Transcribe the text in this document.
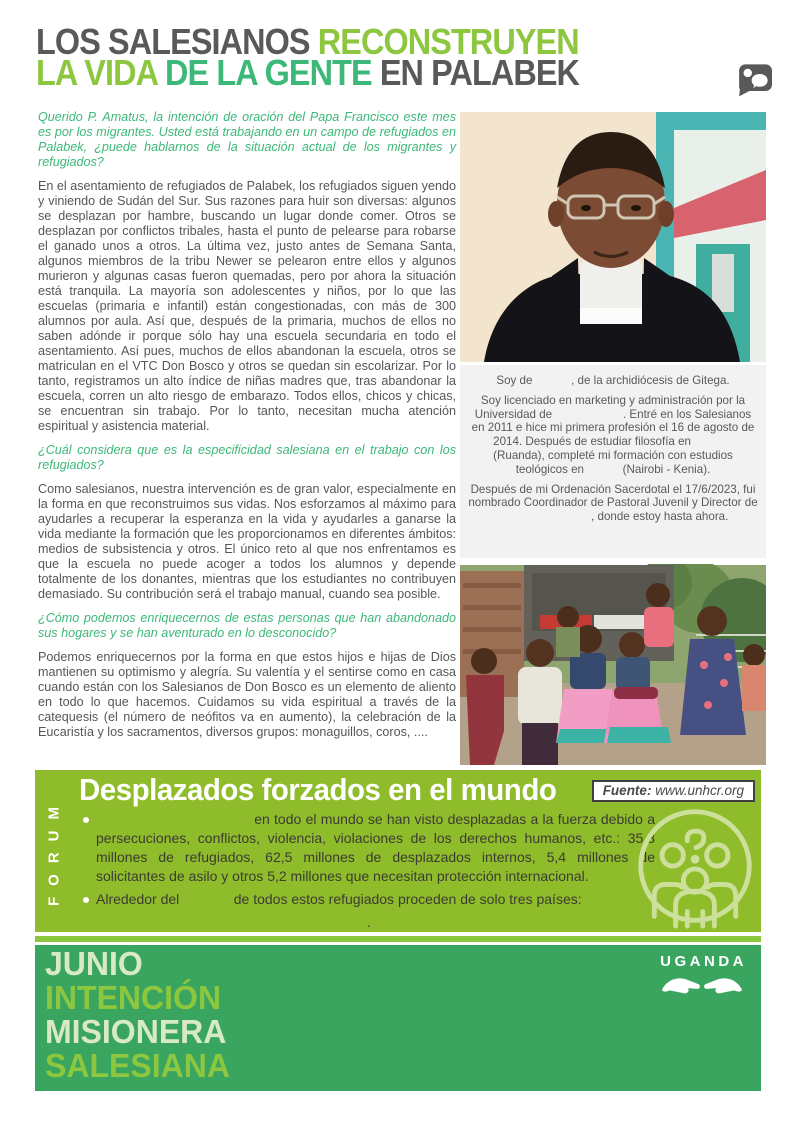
LOS SALESIANOS RECONSTRUYEN
LA VIDA DE LA GENTE EN PALABEK

Querido P. Amatus, la intención de oración del Papa Francisco este mes es por los migrantes. Usted está trabajando en un campo de refugiados en Palabek, ¿puede hablarnos de la situación actual de los migrantes y refugiados?

En el asentamiento de refugiados de Palabek, los refugiados siguen yendo y viniendo de Sudán del Sur. Sus razones para huir son diversas: algunos se desplazan por hambre, buscando un lugar donde comer. Otros se desplazan por conflictos tribales, hasta el punto de pelearse para robarse el ganado unos a otros. La última vez, justo antes de Semana Santa, algunos miembros de la tribu Newer se pelearon entre ellos y algunos murieron y algunas casas fueron quemadas, pero por ahora la situación está tranquila. La mayoría son adolescentes y niños, por lo que las escuelas (primaria e infantil) están congestionadas, con más de 300 alumnos por aula. Así que, después de la primaria, muchos de ellos no saben adónde ir porque sólo hay una escuela secundaria en todo el asentamiento. Así pues, muchos de ellos abandonan la escuela, otros se matriculan en el VTC Don Bosco y otros se quedan sin escolarizar. Por lo tanto, registramos un alto índice de niñas madres que, tras abandonar la escuela, corren un alto riesgo de embarazo. Todos ellos, chicos y chicas, se encuentran sin trabajo. Por lo tanto, necesitan mucha atención espiritual y asistencia material.

¿Cuál considera que es la especificidad salesiana en el trabajo con los refugiados?

Como salesianos, nuestra intervención es de gran valor, especialmente en la forma en que reconstruimos sus vidas. Nos esforzamos al máximo para ayudarles a recuperar la esperanza en la vida y ayudarles a ganarse la vida mediante la formación que les proporcionamos en diferentes ámbitos: medios de subsistencia y otros. El único reto al que nos enfrentamos es que la escuela no puede acoger a todos los alumnos y depende totalmente de los donantes, mientras que los estudiantes no contribuyen demasiado. Su contribución será el trabajo manual, cuando sea posible.

¿Cómo podemos enriquecernos de estas personas que han abandonado sus hogares y se han aventurado en lo desconocido?

Podemos enriquecernos por la forma en que estos hijos e hijas de Dios mantienen su optimismo y alegría. Su valentía y el sentirse como en casa cuando están con los Salesianos de Don Bosco es un elemento de aliento en todo lo que hacemos. Cuidamos su vida espiritual a través de la catequesis (el número de neófitos va en aumento), la celebración de la Eucaristía y los sacramentos, diversos grupos: monaguillos, coros, ....

Soy de            , de la archidiócesis de Gitega.

Soy licenciado en marketing y administración por la Universidad de                      . Entré en los Salesianos en 2011 e hice mi primera profesión el 16 de agosto de 2014. Después de estudiar filosofía en              (Ruanda), completé mi formación con estudios teológicos en            (Nairobi - Kenia).

Después de mi Ordenación Sacerdotal el 17/6/2023, fui nombrado Coordinador de Pastoral Juvenil y Director de                              , donde estoy hasta ahora.

FORUM
Desplazados forzados en el mundo	Fuente: www.unhcr.org
en todo el mundo se han visto desplazadas a la fuerza debido a persecuciones, conflictos, violencia, violaciones de los derechos humanos, etc.: 35,3 millones de refugiados, 62,5 millones de desplazados internos, 5,4 millones de solicitantes de asilo y otros 5,2 millones que necesitan protección internacional.
Alrededor del              de todos estos refugiados proceden de solo tres países:
.
JUNIO
INTENCIÓN
MISIONERA
SALESIANA
UGANDA
